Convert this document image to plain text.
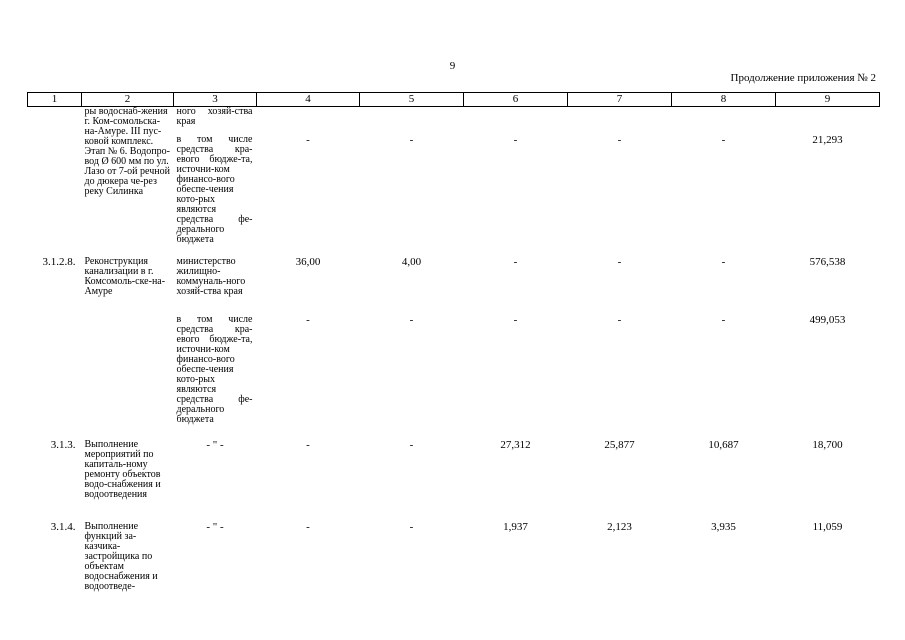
9
Продолжение приложения № 2
1	2	3	4	5	6	7	8	9
	ры водоснаб-жения г. Ком-сомольска-на-Амуре. III пус-ковой комплекс. Этап № 6. Водопро-вод Ø 600 мм по ул. Лазо от 7-ой речной до дюкера че-рез реку Силинка	ного хозяй-ства края						
		в том числе средства кра-евого бюдже-та, источни-ком финансо-вого обеспе-чения кото-рых являются средства фе-дерального бюджета	-	-	-	-	-	21,293
3.1.2.8.	Реконструкция канализации в г. Комсомоль-ске-на-Амуре	министерство жилищно-коммуналь-ного хозяй-ства края	36,00	4,00	-	-	-	576,538
		в том числе средства кра-евого бюдже-та, источни-ком финансо-вого обеспе-чения кото-рых являются средства фе-дерального бюджета	-	-	-	-	-	499,053
3.1.3.	Выполнение мероприятий по капиталь-ному ремонту объектов водо-снабжения и водоотведения	- " -	-	-	27,312	25,877	10,687	18,700
3.1.4.	Выполнение функций за-казчика-застройщика по объектам водоснабжения и водоотведе-	- " -	-	-	1,937	2,123	3,935	11,059
